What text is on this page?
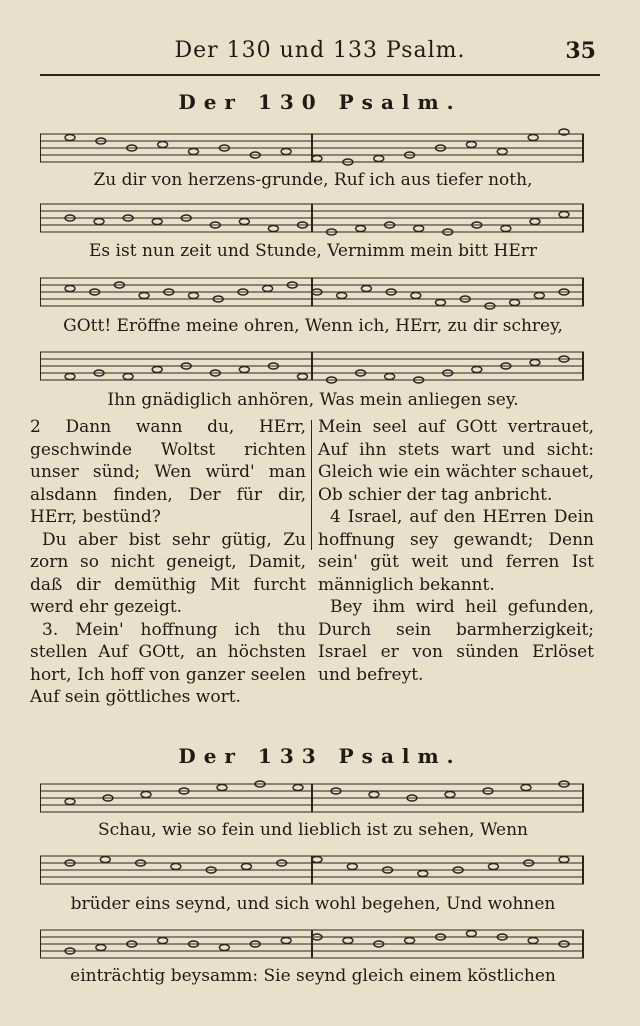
Der 130 und 133 Psalm.	35
Der 130 Psalm.
Zu dir von herzens-grunde, Ruf ich aus tiefer noth,
Es ist nun zeit und Stunde, Vernimm mein bitt HErr
GOtt! Eröffne meine ohren, Wenn ich, HErr, zu dir schrey,
Ihn gnädiglich anhören, Was mein anliegen sey.

2 Dann wann du, HErr, geschwinde Woltst richten unser sünd; Wen würd' man alsdann finden, Der für dir, HErr, bestünd?

Du aber bist sehr gütig, Zu zorn so nicht geneigt, Damit, daß dir demüthig Mit furcht werd ehr gezeigt.

3. Mein' hoffnung ich thu stellen Auf GOtt, an höchsten hort, Ich hoff von ganzer seelen Auf sein göttliches wort.

Mein seel auf GOtt vertrauet, Auf ihn stets wart und sicht: Gleich wie ein wächter schauet, Ob schier der tag anbricht.

4 Israel, auf den HErren Dein hoffnung sey gewandt; Denn sein' güt weit und ferren Ist männiglich bekannt.

Bey ihm wird heil gefunden, Durch sein barmherzigkeit; Israel er von sünden Erlöset und befreyt.

Der 133 Psalm.
Schau, wie so fein und lieblich ist zu sehen, Wenn
brüder eins seynd, und sich wohl begehen, Und wohnen
einträchtig beysamm: Sie seynd gleich einem köstlichen
